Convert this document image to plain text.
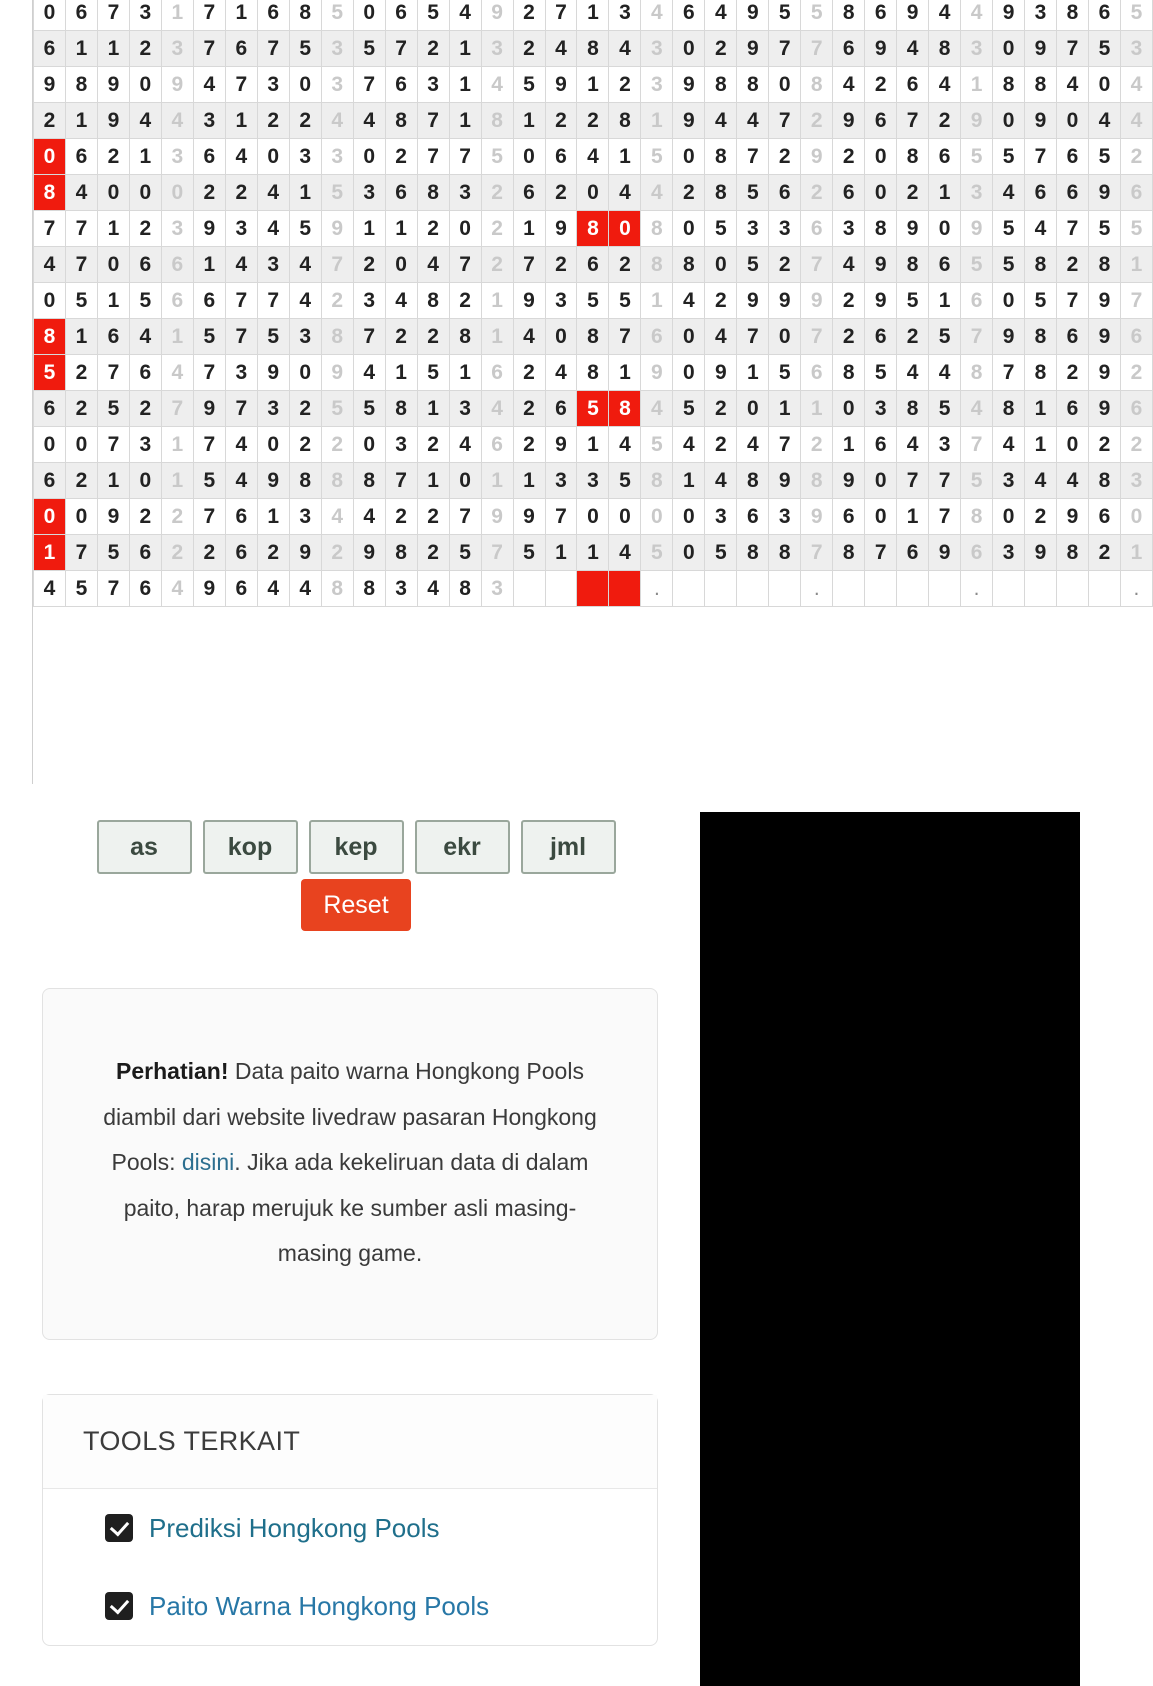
0	6	7	3	1	7	1	6	8	5	0	6	5	4	9	2	7	1	3	4	6	4	9	5	5	8	6	9	4	4	9	3	8	6	5
6	1	1	2	3	7	6	7	5	3	5	7	2	1	3	2	4	8	4	3	0	2	9	7	7	6	9	4	8	3	0	9	7	5	3
9	8	9	0	9	4	7	3	0	3	7	6	3	1	4	5	9	1	2	3	9	8	8	0	8	4	2	6	4	1	8	8	4	0	4
2	1	9	4	4	3	1	2	2	4	4	8	7	1	8	1	2	2	8	1	9	4	4	7	2	9	6	7	2	9	0	9	0	4	4
0	6	2	1	3	6	4	0	3	3	0	2	7	7	5	0	6	4	1	5	0	8	7	2	9	2	0	8	6	5	5	7	6	5	2
8	4	0	0	0	2	2	4	1	5	3	6	8	3	2	6	2	0	4	4	2	8	5	6	2	6	0	2	1	3	4	6	6	9	6
7	7	1	2	3	9	3	4	5	9	1	1	2	0	2	1	9	8	0	8	0	5	3	3	6	3	8	9	0	9	5	4	7	5	5
4	7	0	6	6	1	4	3	4	7	2	0	4	7	2	7	2	6	2	8	8	0	5	2	7	4	9	8	6	5	5	8	2	8	1
0	5	1	5	6	6	7	7	4	2	3	4	8	2	1	9	3	5	5	1	4	2	9	9	9	2	9	5	1	6	0	5	7	9	7
8	1	6	4	1	5	7	5	3	8	7	2	2	8	1	4	0	8	7	6	0	4	7	0	7	2	6	2	5	7	9	8	6	9	6
5	2	7	6	4	7	3	9	0	9	4	1	5	1	6	2	4	8	1	9	0	9	1	5	6	8	5	4	4	8	7	8	2	9	2
6	2	5	2	7	9	7	3	2	5	5	8	1	3	4	2	6	5	8	4	5	2	0	1	1	0	3	8	5	4	8	1	6	9	6
0	0	7	3	1	7	4	0	2	2	0	3	2	4	6	2	9	1	4	5	4	2	4	7	2	1	6	4	3	7	4	1	0	2	2
6	2	1	0	1	5	4	9	8	8	8	7	1	0	1	1	3	3	5	8	1	4	8	9	8	9	0	7	7	5	3	4	4	8	3
0	0	9	2	2	7	6	1	3	4	4	2	2	7	9	9	7	0	0	0	0	3	6	3	9	6	0	1	7	8	0	2	9	6	0
1	7	5	6	2	2	6	2	9	2	9	8	2	5	7	5	1	1	4	5	0	5	8	8	7	8	7	6	9	6	3	9	8	2	1
4	5	7	6	4	9	6	4	4	8	8	3	4	8	3					.					.					.					.
as	kop	kep	ekr	jml
Reset
Perhatian! Data paito warna Hongkong Pools diambil dari website livedraw pasaran Hongkong Pools: disini. Jika ada kekeliruan data di dalam paito, harap merujuk ke sumber asli masing-masing game.
TOOLS TERKAIT
Prediksi Hongkong Pools
Paito Warna Hongkong Pools
